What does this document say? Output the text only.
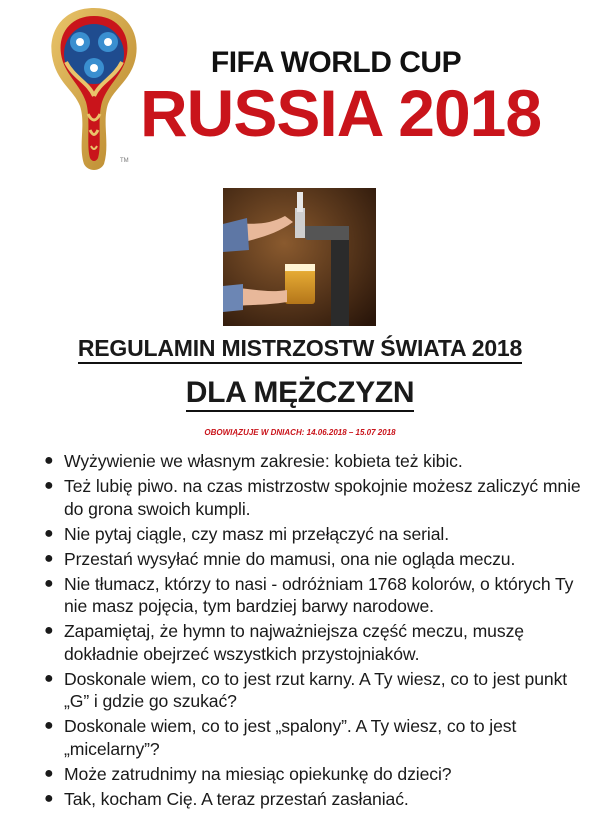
TM
FIFA WORLD CUP
RUSSIA 2018
REGULAMIN MISTRZOSTW ŚWIATA 2018
DLA MĘŻCZYZN
OBOWIĄZUJE W DNIACH: 14.06.2018 – 15.07 2018
● Wyżywienie we własnym zakresie: kobieta też kibic.
● Też lubię piwo. na czas mistrzostw spokojnie możesz zaliczyć mnie do grona swoich kumpli.
● Nie pytaj ciągle, czy masz mi przełączyć na serial.
● Przestań wysyłać mnie do mamusi, ona nie ogląda meczu.
● Nie tłumacz, którzy to nasi - odróżniam 1768 kolorów, o których Ty nie masz pojęcia, tym bardziej barwy narodowe.
● Zapamiętaj, że hymn to najważniejsza część meczu, muszę dokładnie obejrzeć wszystkich przystojniaków.
● Doskonale wiem, co to jest rzut karny. A Ty wiesz, co to jest punkt „G” i gdzie go szukać?
● Doskonale wiem, co to jest „spalony”. A Ty wiesz, co to jest „micelarny”?
● Może zatrudnimy na miesiąc opiekunkę do dzieci?
● Tak, kocham Cię. A teraz przestań zasłaniać.
